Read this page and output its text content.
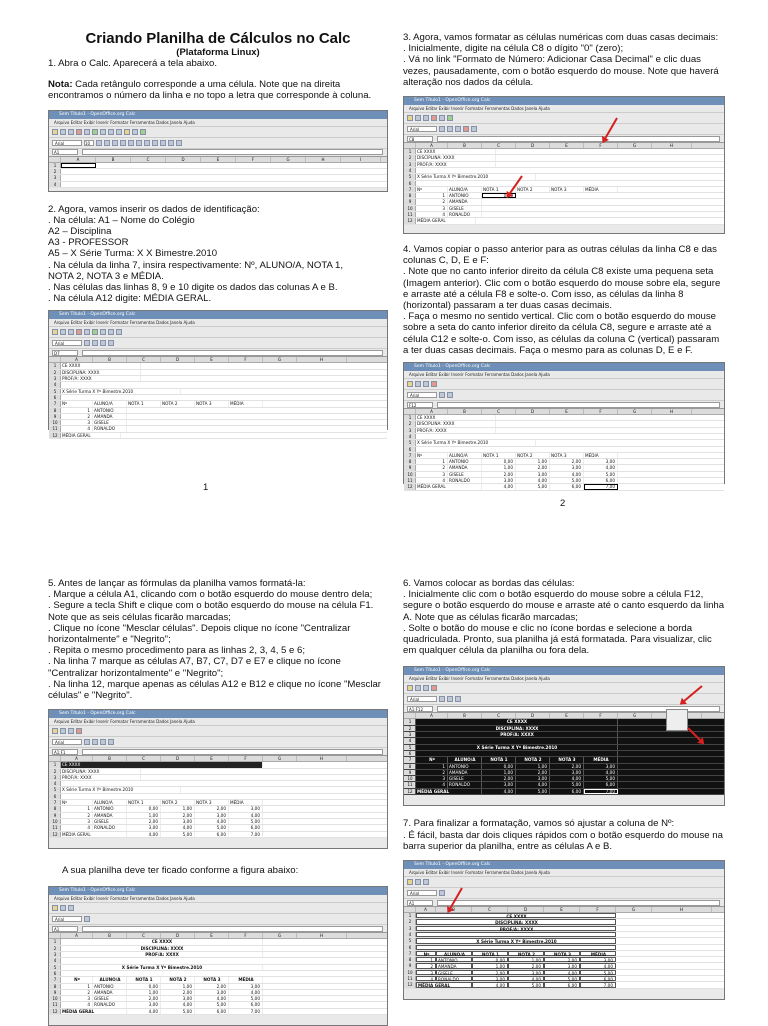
Criando Planilha de Cálculos no Calc
(Plataforma Linux)

1. Abra o Calc. Aparecerá a tela abaixo.

Nota: Cada retângulo corresponde a uma célula. Note que na direita encontramos o número da linha e no topo a letra que corresponde à coluna.

Sem Título1 - OpenOffice.org Calc
Arquivo Editar Exibir Inserir Formatar Ferramentas Dados Janela Ajuda
Arial	10
A1
A	B	C	D	E	F	G	H	I
1
2
3
4

2. Agora, vamos inserir os dados de identificação:

. Na célula: A1 – Nome do Colégio

A2 – Disciplina

A3 - PROFESSOR

A5 – X Série Turma: X X Bimestre.2010

. Na célula da linha 7, insira respectivamente: Nº, ALUNO/A, NOTA 1,

NOTA 2, NOTA 3 e MÉDIA.

. Nas células das linhas 8, 9 e 10 digite os dados das colunas A e B.

. Na célula A12 digite: MÉDIA GERAL.

Sem Título1 - OpenOffice.org Calc
Arquivo Editar Exibir Inserir Formatar Ferramentas Dados Janela Ajuda
Arial
D7
A	B	C	D	E	F	G	H
1	CE XXXX
2	DISCIPLINA: XXXX
3	PROF/A: XXXX
4
5	X Série Turma X Yº Bimestre.2010
6
7	Nº	ALUNO/A	NOTA 1	NOTA 2	NOTA 3	MÉDIA
8	1 ANTONIO
9	2 AMANDA
10	3 GISELE
11	4 RONALDO
12	MÉDIA GERAL
1

3. Agora, vamos formatar as células numéricas com duas casas decimais:

. Inicialmente, digite na célula C8 o dígito "0" (zero);

. Vá no link "Formato de Número: Adicionar Casa Decimal" e clic duas vezes, pausadamente, com o botão esquerdo do mouse. Note que haverá alteração nos dados da célula.

Sem Título1 - OpenOffice.org Calc
Arquivo Editar Exibir Inserir Formatar Ferramentas Dados Janela Ajuda
Arial
C8
A	B	C	D	E	F	G	H
1	CE XXXX
2	DISCIPLINA: XXXX
3	PROF/A: XXXX
4
5	X Série Turma X Yº Bimestre.2010
6
7	Nº	ALUNO/A	NOTA 1	NOTA 2	NOTA 3	MÉDIA
8	1 ANTONIO
9	2 AMANDA
10	3 GISELE
11	4 RONALDO
12	MÉDIA GERAL

4. Vamos copiar o passo anterior para as outras células da linha C8 e das colunas C, D, E e F:

. Note que no canto inferior direito da célula C8 existe uma pequena seta (Imagem anterior). Clic com o botão esquerdo do mouse sobre ela, segure e arraste até a célula F8 e solte-o. Com isso, as células da linha 8 (horizontal) passaram a ter duas casas decimais.

. Faça o mesmo no sentido vertical. Clic com o botão esquerdo do mouse sobre a seta do canto inferior direito da célula C8, segure e arraste até a célula C12 e solte-o. Com isso, as células da coluna C (vertical) passaram a ter duas casas decimais. Faça o mesmo para as colunas D, E e F.

Sem Título1 - OpenOffice.org Calc
Arquivo Editar Exibir Inserir Formatar Ferramentas Dados Janela Ajuda
Arial
F12
A	B	C	D	E	F	G	H
1	CE XXXX
2	DISCIPLINA: XXXX
3	PROF/A: XXXX
4
5	X Série Turma X Yº Bimestre.2010
6
7	Nº	ALUNO/A	NOTA 1	NOTA 2	NOTA 3	MÉDIA
8	1 ANTONIO	0,00	1,00	2,00	3,00
9	2 AMANDA	1,00	2,00	3,00	4,00
10	3 GISELE	2,00	3,00	4,00	5,00
11	4 RONALDO	3,00	4,00	5,00	6,00
12	MÉDIA GERAL	4,00	5,00	6,00	7,00
2

5. Antes de lançar as fórmulas da planilha vamos formatá-la:

. Marque a célula A1, clicando com o botão esquerdo do mouse dentro dela;

. Segure a tecla Shift e clique com o botão esquerdo do mouse na célula F1. Note que as seis células ficarão marcadas;

. Clique no ícone "Mesclar células". Depois clique no ícone "Centralizar horizontalmente" e "Negrito";

. Repita o mesmo procedimento para as linhas 2, 3, 4, 5 e 6;

. Na linha 7 marque as células A7, B7, C7, D7 e E7 e clique no ícone "Centralizar horizontalmente" e "Negrito";

. Na linha 12, marque apenas as células A12 e B12 e clique no ícone "Mesclar células" e "Negrito".

Sem Título1 - OpenOffice.org Calc
Arquivo Editar Exibir Inserir Formatar Ferramentas Dados Janela Ajuda
Arial
A1:F1
A	B	C	D	E	F	G	H
1	CE XXXX
2	DISCIPLINA: XXXX
3	PROF/A: XXXX
4
5	X Série Turma X Yº Bimestre.2010
6
7	Nº	ALUNO/A	NOTA 1	NOTA 2	NOTA 3	MÉDIA
8	1 ANTONIO	0,00	1,00	2,00	3,00
9	2 AMANDA	1,00	2,00	3,00	4,00
10	3 GISELE	2,00	3,00	4,00	5,00
11	4 RONALDO	3,00	4,00	5,00	6,00
12	MÉDIA GERAL	4,00	5,00	6,00	7,00

A sua planilha deve ter ficado conforme a figura abaixo:

Sem Título1 - OpenOffice.org Calc
Arquivo Editar Exibir Inserir Formatar Ferramentas Dados Janela Ajuda
Arial
A1
A	B	C	D	E	F	G	H
1	CE XXXX
2	DISCIPLINA: XXXX
3	PROF/A: XXXX
4
5	X Série Turma X Yº Bimestre.2010
6
7	Nº	ALUNO/A	NOTA 1	NOTA 2	NOTA 3	MÉDIA
8	1 ANTONIO	0,00	1,00	2,00	3,00
9	2 AMANDA	1,00	2,00	3,00	4,00
10	3 GISELE	2,00	3,00	4,00	5,00
11	4 RONALDO	3,00	4,00	5,00	6,00
12	MÉDIA GERAL	4,00	5,00	6,00	7,00

6. Vamos colocar as bordas das células:

. Inicialmente clic com o botão esquerdo do mouse sobre a célula F12, segure o botão esquerdo do mouse e arraste até o canto esquerdo da linha A. Note que as células ficarão marcadas;

. Solte o botão do mouse e clic no ícone bordas e selecione a borda quadriculada. Pronto, sua planilha já está formatada. Para visualizar, clic em qualquer célula da planilha ou fora dela.

Sem Título1 - OpenOffice.org Calc
Arquivo Editar Exibir Inserir Formatar Ferramentas Dados Janela Ajuda
Arial
A1:F12
A	B	C	D	E	F	G
1	CE XXXX
2	DISCIPLINA: XXXX
3	PROF/A: XXXX
4
5	X Série Turma X Yº Bimestre.2010
6
7	Nº	ALUNO/A	NOTA 1	NOTA 2	NOTA 3	MÉDIA
8	1 ANTONIO	0,00	1,00	2,00	3,00
9	2 AMANDA	1,00	2,00	3,00	4,00
10	3 GISELE	2,00	3,00	4,00	5,00
11	4 RONALDO	3,00	4,00	5,00	6,00
12	MÉDIA GERAL	4,00	5,00	6,00	7,00

7. Para finalizar a formatação, vamos só ajustar a coluna de Nº:

. É fácil, basta dar dois cliques rápidos com o botão esquerdo do mouse na barra superior da planilha, entre as células A e B.

Sem Título1 - OpenOffice.org Calc
Arquivo Editar Exibir Inserir Formatar Ferramentas Dados Janela Ajuda
Arial
A1
A	C	D	E	F	G	H
1	CE XXXX
2	DISCIPLINA: XXXX
3	PROF/A: XXXX
4
5	X Série Turma X Yº Bimestre.2010
6
7	Nº	ALUNO/A	NOTA 1	NOTA 2	NOTA 3	MÉDIA
8	1	ANTONIO	0,00	1,00	2,00	3,00
9	2	AMANDA	1,00	2,00	3,00	4,00
10	3	GISELE	2,00	3,00	4,00	5,00
11	4	RONALDO	3,00	4,00	5,00	6,00
12	MÉDIA GERAL	4,00	5,00	6,00	7,00
